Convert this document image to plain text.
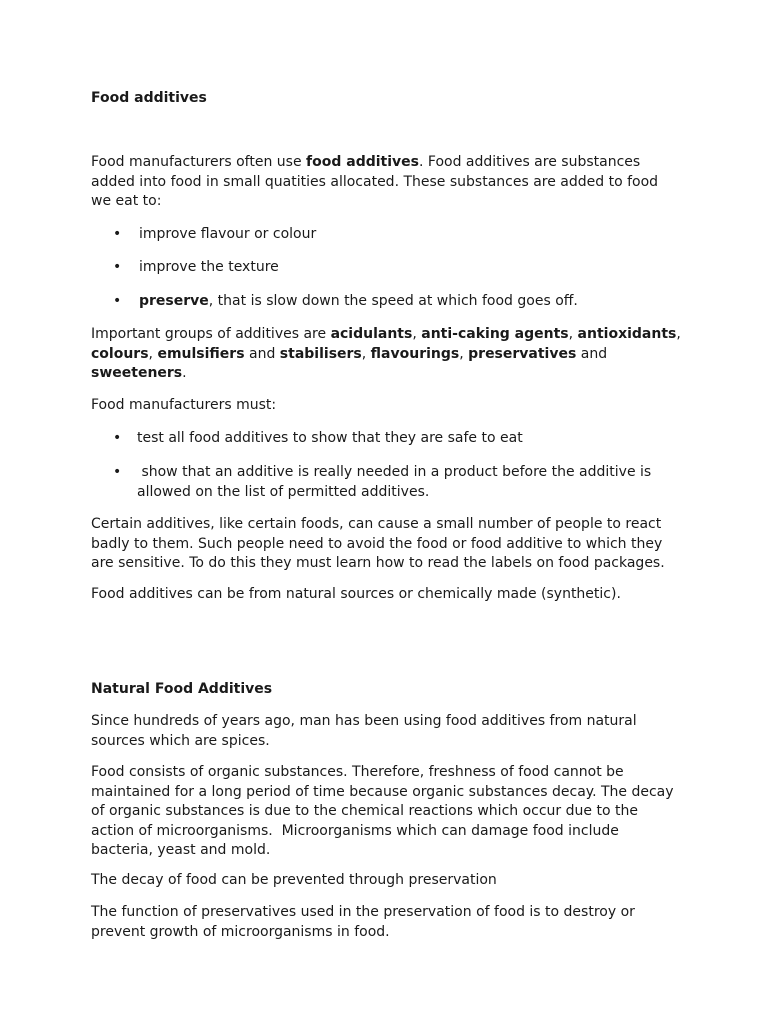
Food additives

Food manufacturers often use food additives. Food additives are substances added into food in small quatities allocated. These substances are added to food we eat to:

•	improve flavour or colour
•	improve the texture
•	preserve, that is slow down the speed at which food goes off.

Important groups of additives are acidulants, anti-caking agents, antioxidants, colours, emulsifiers and stabilisers, flavourings, preservatives and sweeteners.

Food manufacturers must:

•	test all food additives to show that they are safe to eat
•	show that an additive is really needed in a product before the additive is allowed on the list of permitted additives.

Certain additives, like certain foods, can cause a small number of people to react badly to them. Such people need to avoid the food or food additive to which they are sensitive. To do this they must learn how to read the labels on food packages.

Food additives can be from natural sources or chemically made (synthetic).

Natural Food Additives

Since hundreds of years ago, man has been using food additives from natural sources which are spices.

Food consists of organic substances. Therefore, freshness of food cannot be maintained for a long period of time because organic substances decay. The decay of organic substances is due to the chemical reactions which occur due to the action of microorganisms.  Microorganisms which can damage food include bacteria, yeast and mold.

The decay of food can be prevented through preservation

The function of preservatives used in the preservation of food is to destroy or prevent growth of microorganisms in food.
